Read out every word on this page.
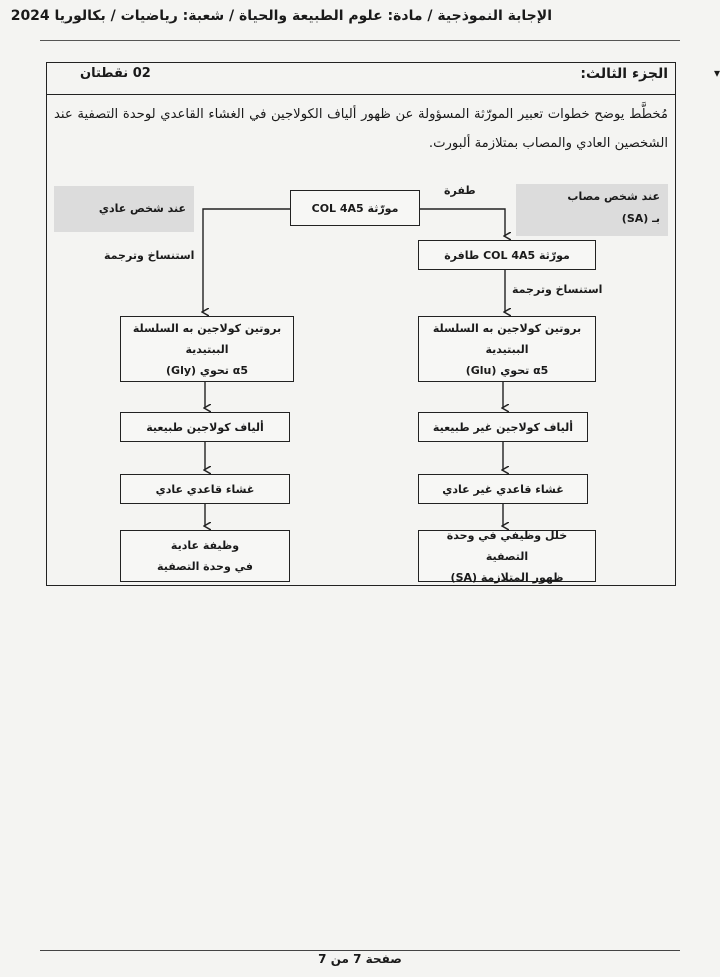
الإجابة النموذجية / مادة: علوم الطبيعة والحياة / شعبة: رياضيات / بكالوريا 2024
الجزء الثالث:
02 نقطتان	▾
مُخطَّط يوضح خطوات تعبير المورّثة المسؤولة عن ظهور ألياف الكولاجين في الغشاء القاعدي لوحدة التصفية عند الشخصين العادي والمصاب بمتلازمة ألبورت.
عند شخص عادي	مورّثة COL 4A5
عند شخص مصاب
بـ (SA)
طفرة
مورّثة COL 4A5 طافرة
استنساخ وترجمة
استنساخ وترجمة
بروتين كولاجين به السلسلة الببتيدية
α5 تحوي (Gly)
بروتين كولاجين به السلسلة الببتيدية
α5 تحوي (Glu)
ألياف كولاجين طبيعية	ألياف كولاجين غير طبيعية
غشاء قاعدي عادي	غشاء قاعدي غير عادي
وظيفة عادية
في وحدة التصفية
خلل وظيفي في وحدة التصفية
ظهور المتلازمة (SA)
صفحة 7 من 7
